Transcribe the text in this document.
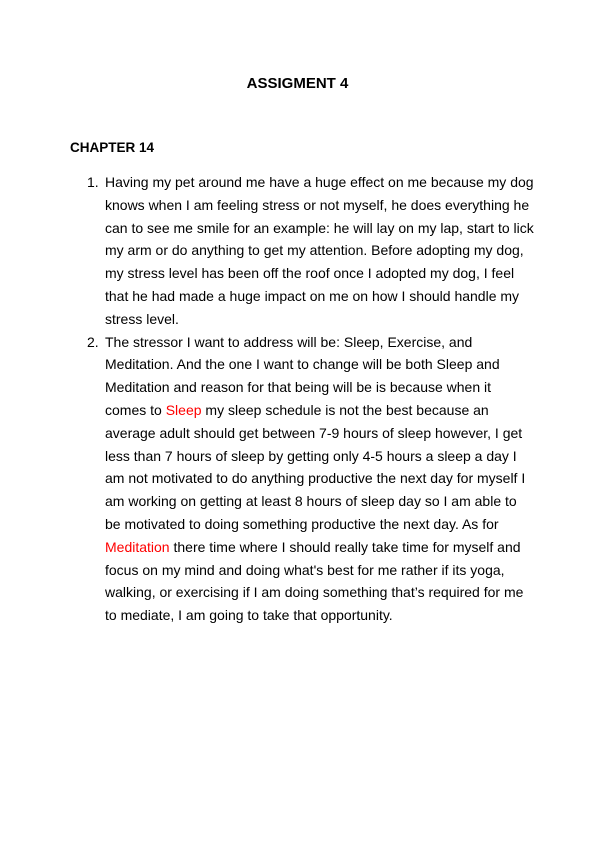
ASSIGMENT 4
CHAPTER 14
1. Having my pet around me have a huge effect on me because my dog knows when I am feeling stress or not myself, he does everything he can to see me smile for an example: he will lay on my lap, start to lick my arm or do anything to get my attention. Before adopting my dog, my stress level has been off the roof once I adopted my dog, I feel that he had made a huge impact on me on how I should handle my stress level.
2. The stressor I want to address will be: Sleep, Exercise, and Meditation. And the one I want to change will be both Sleep and Meditation and reason for that being will be is because when it comes to Sleep my sleep schedule is not the best because an average adult should get between 7-9 hours of sleep however, I get less than 7 hours of sleep by getting only 4-5 hours a sleep a day I am not motivated to do anything productive the next day for myself I am working on getting at least 8 hours of sleep day so I am able to be motivated to doing something productive the next day. As for Meditation there time where I should really take time for myself and focus on my mind and doing what's best for me rather if its yoga, walking, or exercising if I am doing something that’s required for me to mediate, I am going to take that opportunity.
